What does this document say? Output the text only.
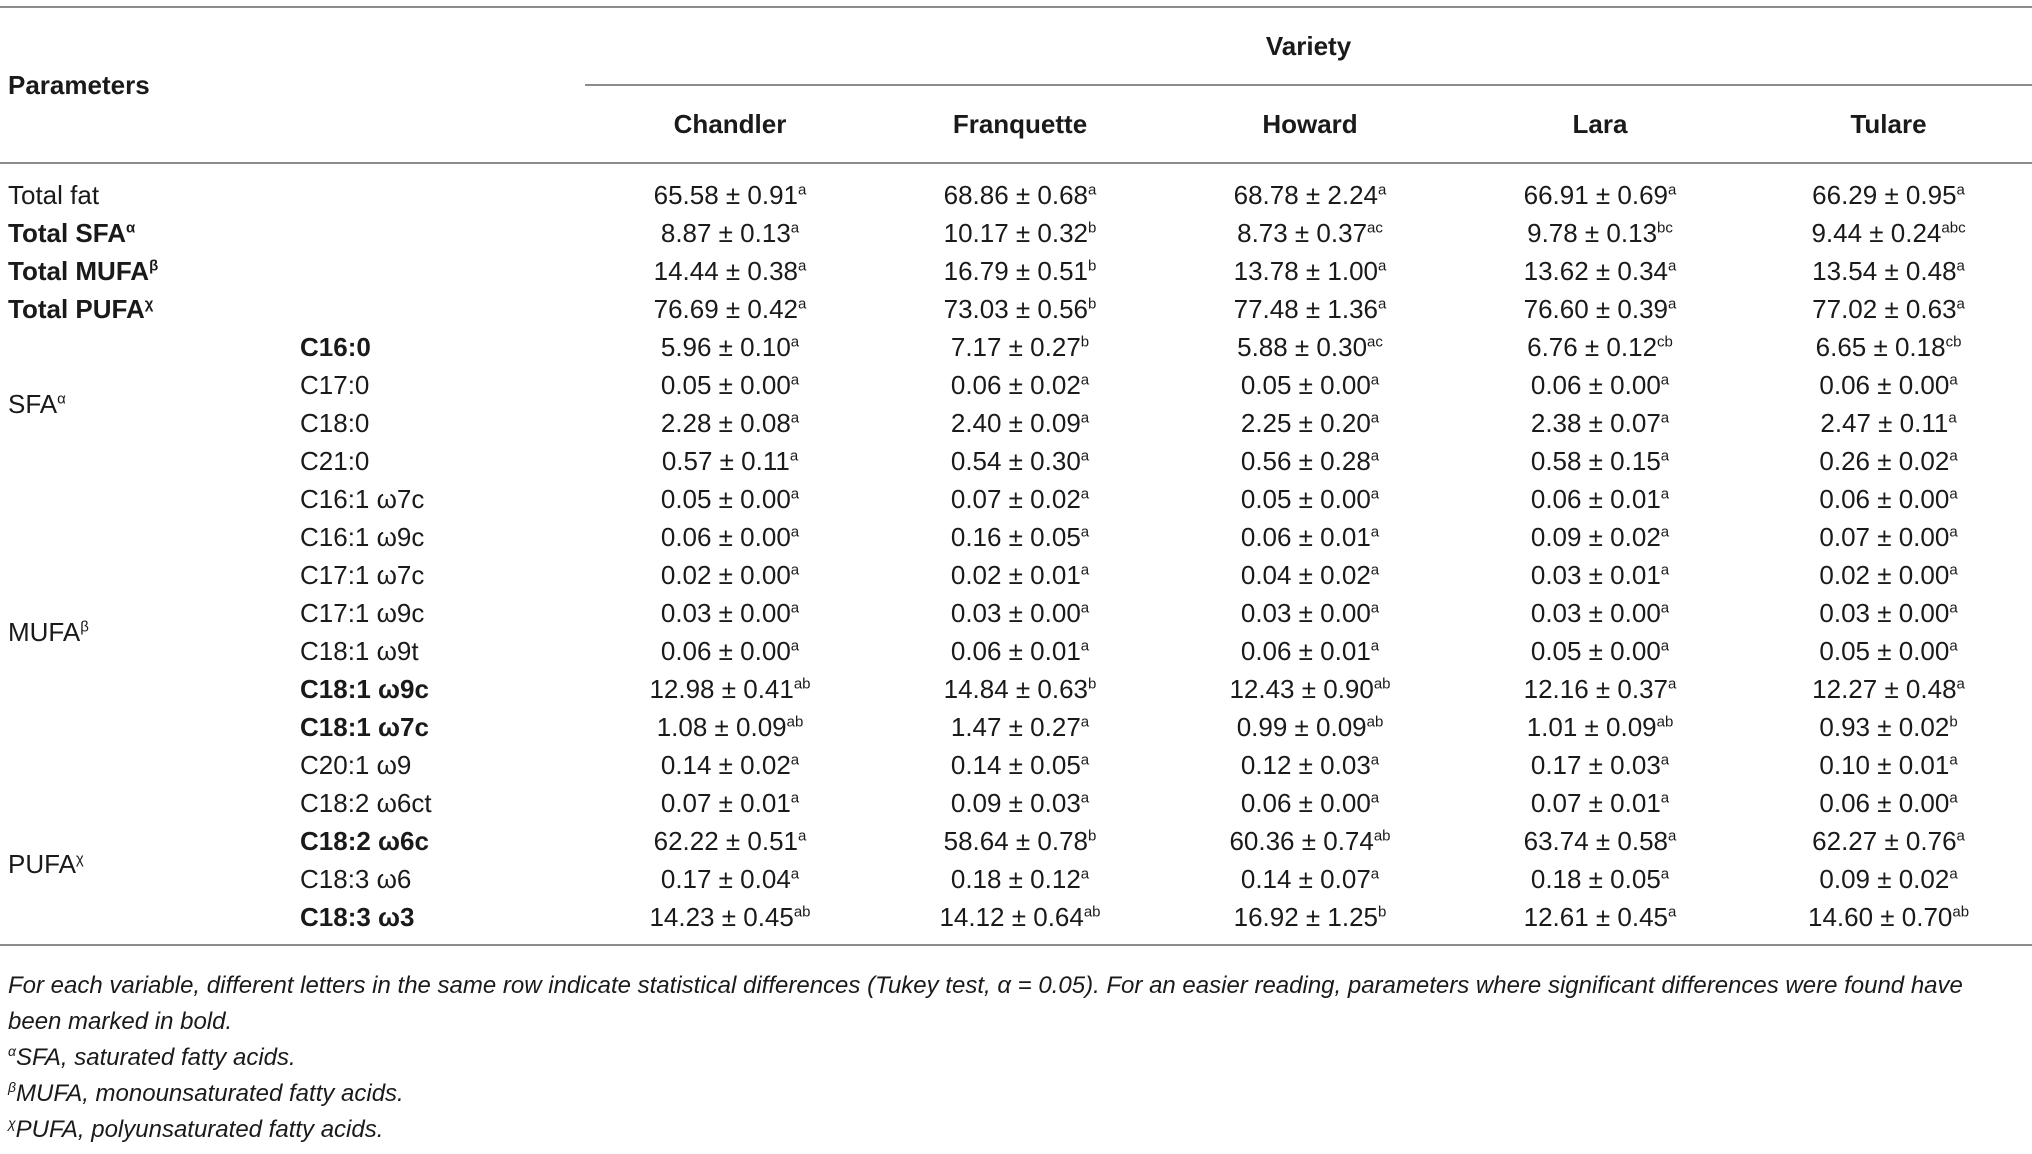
Parameters		Variety				
		Chandler	Franquette	Howard	Lara	Tulare

Total fat		65.58 ± 0.91$^a$	68.86 ± 0.68$^a$	68.78 ± 2.24$^a$	66.91 ± 0.69$^a$	66.29 ± 0.95$^a$
Total $SFA^\alpha$		8.87 ± 0.13$^a$	10.17 ± 0.32$^b$	8.73 ± 0.37$^{ac}$	9.78 ± 0.13$^{bc}$	9.44 ± 0.24$^{abc}$
Total $MUFA^\beta$		14.44 ± 0.38$^a$	16.79 ± 0.51$^b$	13.78 ± 1.00$^a$	13.62 ± 0.34$^a$	13.54 ± 0.48$^a$
Total $PUFA^\chi$		76.69 ± 0.42$^a$	73.03 ± 0.56$^b$	77.48 ± 1.36$^a$	76.60 ± 0.39$^a$	77.02 ± 0.63$^a$
$SFA^\alpha$	C16:0	5.96 ± 0.10$^a$	7.17 ± 0.27$^b$	5.88 ± 0.30$^{ac}$	6.76 ± 0.12$^{cb}$	6.65 ± 0.18$^{cb}$
	C17:0	0.05 ± 0.00$^a$	0.06 ± 0.02$^a$	0.05 ± 0.00$^a$	0.06 ± 0.00$^a$	0.06 ± 0.00$^a$
	C18:0	2.28 ± 0.08$^a$	2.40 ± 0.09$^a$	2.25 ± 0.20$^a$	2.38 ± 0.07$^a$	2.47 ± 0.11$^a$
	C21:0	0.57 ± 0.11$^a$	0.54 ± 0.30$^a$	0.56 ± 0.28$^a$	0.58 ± 0.15$^a$	0.26 ± 0.02$^a$
$MUFA^\beta$	C16:1 ω7c	0.05 ± 0.00$^a$	0.07 ± 0.02$^a$	0.05 ± 0.00$^a$	0.06 ± 0.01$^a$	0.06 ± 0.00$^a$
	C16:1 ω9c	0.06 ± 0.00$^a$	0.16 ± 0.05$^a$	0.06 ± 0.01$^a$	0.09 ± 0.02$^a$	0.07 ± 0.00$^a$
	C17:1 ω7c	0.02 ± 0.00$^a$	0.02 ± 0.01$^a$	0.04 ± 0.02$^a$	0.03 ± 0.01$^a$	0.02 ± 0.00$^a$
	C17:1 ω9c	0.03 ± 0.00$^a$	0.03 ± 0.00$^a$	0.03 ± 0.00$^a$	0.03 ± 0.00$^a$	0.03 ± 0.00$^a$
	C18:1 ω9t	0.06 ± 0.00$^a$	0.06 ± 0.01$^a$	0.06 ± 0.01$^a$	0.05 ± 0.00$^a$	0.05 ± 0.00$^a$
	C18:1 ω9c	12.98 ± 0.41$^{ab}$	14.84 ± 0.63$^b$	12.43 ± 0.90$^{ab}$	12.16 ± 0.37$^a$	12.27 ± 0.48$^a$
	C18:1 ω7c	1.08 ± 0.09$^{ab}$	1.47 ± 0.27$^a$	0.99 ± 0.09$^{ab}$	1.01 ± 0.09$^{ab}$	0.93 ± 0.02$^b$
	C20:1 ω9	0.14 ± 0.02$^a$	0.14 ± 0.05$^a$	0.12 ± 0.03$^a$	0.17 ± 0.03$^a$	0.10 ± 0.01$^a$
$PUFA^\chi$	C18:2 ω6ct	0.07 ± 0.01$^a$	0.09 ± 0.03$^a$	0.06 ± 0.00$^a$	0.07 ± 0.01$^a$	0.06 ± 0.00$^a$
	C18:2 ω6c	62.22 ± 0.51$^a$	58.64 ± 0.78$^b$	60.36 ± 0.74$^{ab}$	63.74 ± 0.58$^a$	62.27 ± 0.76$^a$
	C18:3 ω6	0.17 ± 0.04$^a$	0.18 ± 0.12$^a$	0.14 ± 0.07$^a$	0.18 ± 0.05$^a$	0.09 ± 0.02$^a$
	C18:3 ω3	14.23 ± 0.45$^{ab}$	14.12 ± 0.64$^{ab}$	16.92 ± 1.25$^b$	12.61 ± 0.45$^a$	14.60 ± 0.70$^{ab}$

For each variable, different letters in the same row indicate statistical differences (Tukey test, α = 0.05). For an easier reading, parameters where significant differences were found have been marked in bold.

$^\alpha$SFA, saturated fatty acids.

$^\beta$MUFA, monounsaturated fatty acids.

$^\chi$PUFA, polyunsaturated fatty acids.
